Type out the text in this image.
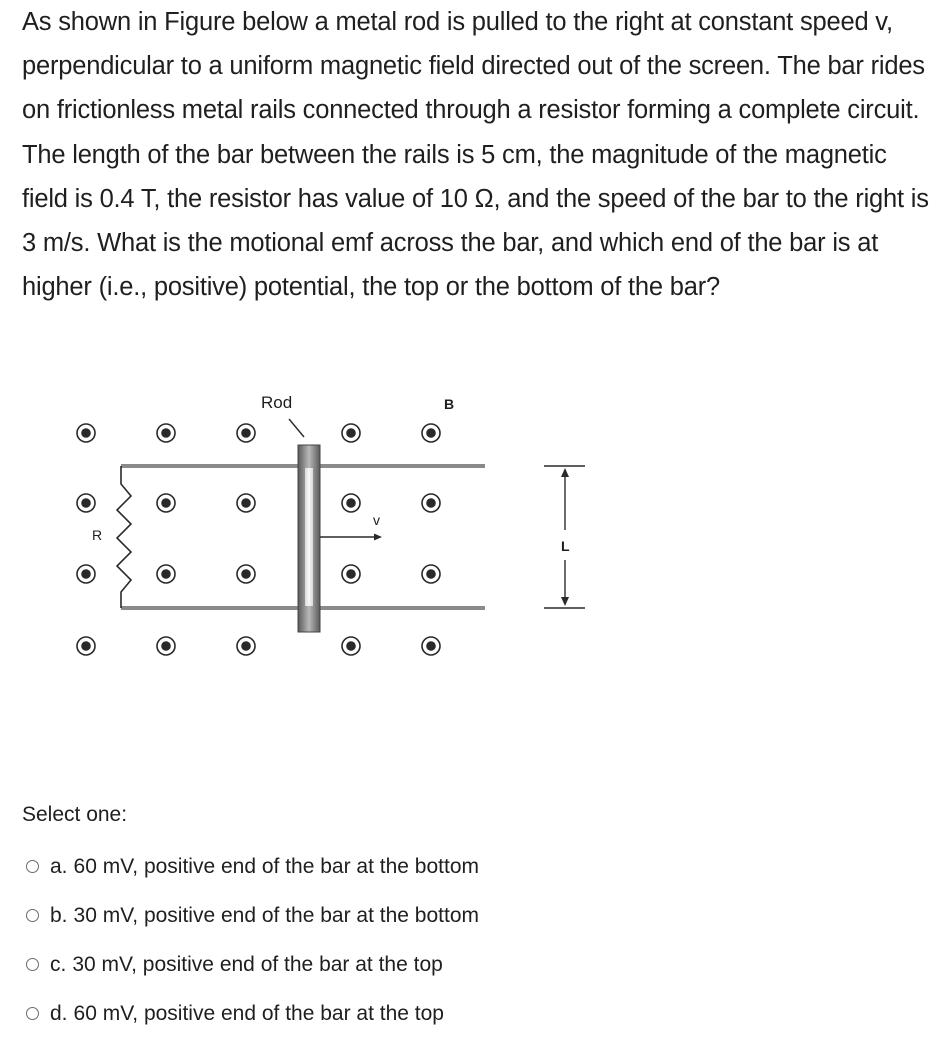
As shown in Figure below a metal rod is pulled to the right at constant speed v, perpendicular to a uniform magnetic field directed out of the screen. The bar rides on frictionless metal rails connected through a resistor forming a complete circuit. The length of the bar between the rails is 5 cm, the magnitude of the magnetic field is 0.4 T, the resistor has value of 10 Ω, and the speed of the bar to the right is 3 m/s. What is the motional emf across the bar, and which end of the bar is at higher (i.e., positive) potential, the top or the bottom of the bar?

Rod	B
R
v
L
Select one:
a. 60 mV, positive end of the bar at the bottom
b. 30 mV, positive end of the bar at the bottom
c. 30 mV, positive end of the bar at the top
d. 60 mV, positive end of the bar at the top
